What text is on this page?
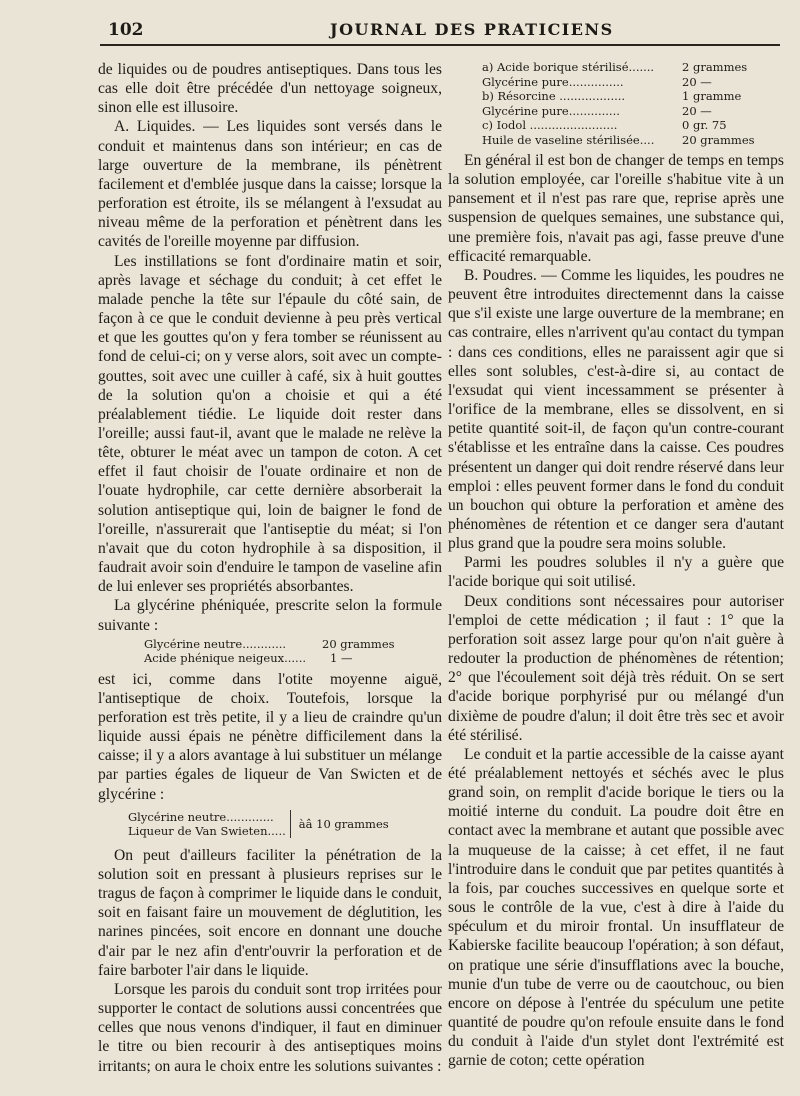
102	JOURNAL DES PRATICIENS

de liquides ou de poudres antiseptiques. Dans tous les cas elle doit être précédée d'un nettoyage soigneux, sinon elle est illusoire.

A. Liquides. — Les liquides sont versés dans le conduit et maintenus dans son intérieur; en cas de large ouverture de la membrane, ils pénètrent facilement et d'emblée jusque dans la caisse; lorsque la perforation est étroite, ils se mélangent à l'exsudat au niveau même de la perforation et pénètrent dans les cavités de l'oreille moyenne par diffusion.

Les instillations se font d'ordinaire matin et soir, après lavage et séchage du conduit; à cet effet le malade penche la tête sur l'épaule du côté sain, de façon à ce que le conduit devienne à peu près vertical et que les gouttes qu'on y fera tomber se réunissent au fond de celui-ci; on y verse alors, soit avec un compte-gouttes, soit avec une cuiller à café, six à huit gouttes de la solution qu'on a choisie et qui a été préalablement tiédie. Le liquide doit rester dans l'oreille; aussi faut-il, avant que le malade ne relève la tête, obturer le méat avec un tampon de coton. A cet effet il faut choisir de l'ouate ordinaire et non de l'ouate hydrophile, car cette dernière absorberait la solution antiseptique qui, loin de baigner le fond de l'oreille, n'assurerait que l'antiseptie du méat; si l'on n'avait que du coton hydrophile à sa disposition, il faudrait avoir soin d'enduire le tampon de vaseline afin de lui enlever ses propriétés absorbantes.

La glycérine phéniquée, prescrite selon la formule suivante :

Glycérine neutre............	20 grammes
Acide phénique neigeux......	1 —

est ici, comme dans l'otite moyenne aiguë, l'antiseptique de choix. Toutefois, lorsque la perforation est très petite, il y a lieu de craindre qu'un liquide aussi épais ne pénètre difficilement dans la caisse; il y a alors avantage à lui substituer un mélange par parties égales de liqueur de Van Swicten et de glycérine :

Glycérine neutre.............
Liqueur de Van Swieten.....	àâ 10 grammes

On peut d'ailleurs faciliter la pénétration de la solution soit en pressant à plusieurs reprises sur le tragus de façon à comprimer le liquide dans le conduit, soit en faisant faire un mouvement de déglutition, les narines pincées, soit encore en donnant une douche d'air par le nez afin d'entr'ouvrir la perforation et de faire barboter l'air dans le liquide.

Lorsque les parois du conduit sont trop irritées pour supporter le contact de solutions aussi concentrées que celles que nous venons d'indiquer, il faut en diminuer le titre ou bien recourir à des antiseptiques moins irritants; on aura le choix entre les solutions suivantes :

a) Acide borique stérilisé.......	2 grammes
Glycérine pure...............	20 —
b) Résorcine ..................	1 gramme
Glycérine pure..............	20 —
c) Iodol ........................	0 gr. 75
Huile de vaseline stérilisée....	20 grammes

En général il est bon de changer de temps en temps la solution employée, car l'oreille s'habitue vite à un pansement et il n'est pas rare que, reprise après une suspension de quelques semaines, une substance qui, une première fois, n'avait pas agi, fasse preuve d'une efficacité remarquable.

B. Poudres. — Comme les liquides, les poudres ne peuvent être introduites directemennt dans la caisse que s'il existe une large ouverture de la membrane; en cas contraire, elles n'arrivent qu'au contact du tympan : dans ces conditions, elles ne paraissent agir que si elles sont solubles, c'est-à-dire si, au contact de l'exsudat qui vient incessamment se présenter à l'orifice de la membrane, elles se dissolvent, en si petite quantité soit-il, de façon qu'un contre-courant s'établisse et les entraîne dans la caisse. Ces poudres présentent un danger qui doit rendre réservé dans leur emploi : elles peuvent former dans le fond du conduit un bouchon qui obture la perforation et amène des phénomènes de rétention et ce danger sera d'autant plus grand que la poudre sera moins soluble.

Parmi les poudres solubles il n'y a guère que l'acide borique qui soit utilisé.

Deux conditions sont nécessaires pour autoriser l'emploi de cette médication ; il faut : 1° que la perforation soit assez large pour qu'on n'ait guère à redouter la production de phénomènes de rétention; 2° que l'écoulement soit déjà très réduit. On se sert d'acide borique porphyrisé pur ou mélangé d'un dixième de poudre d'alun; il doit être très sec et avoir été stérilisé.

Le conduit et la partie accessible de la caisse ayant été préalablement nettoyés et séchés avec le plus grand soin, on remplit d'acide borique le tiers ou la moitié interne du conduit. La poudre doit être en contact avec la membrane et autant que possible avec la muqueuse de la caisse; à cet effet, il ne faut l'introduire dans le conduit que par petites quantités à la fois, par couches successives en quelque sorte et sous le contrôle de la vue, c'est à dire à l'aide du spéculum et du miroir frontal. Un insufflateur de Kabierske facilite beaucoup l'opération; à son défaut, on pratique une série d'insufflations avec la bouche, munie d'un tube de verre ou de caoutchouc, ou bien encore on dépose à l'entrée du spéculum une petite quantité de poudre qu'on refoule ensuite dans le fond du conduit à l'aide d'un stylet dont l'extrémité est garnie de coton; cette opération
